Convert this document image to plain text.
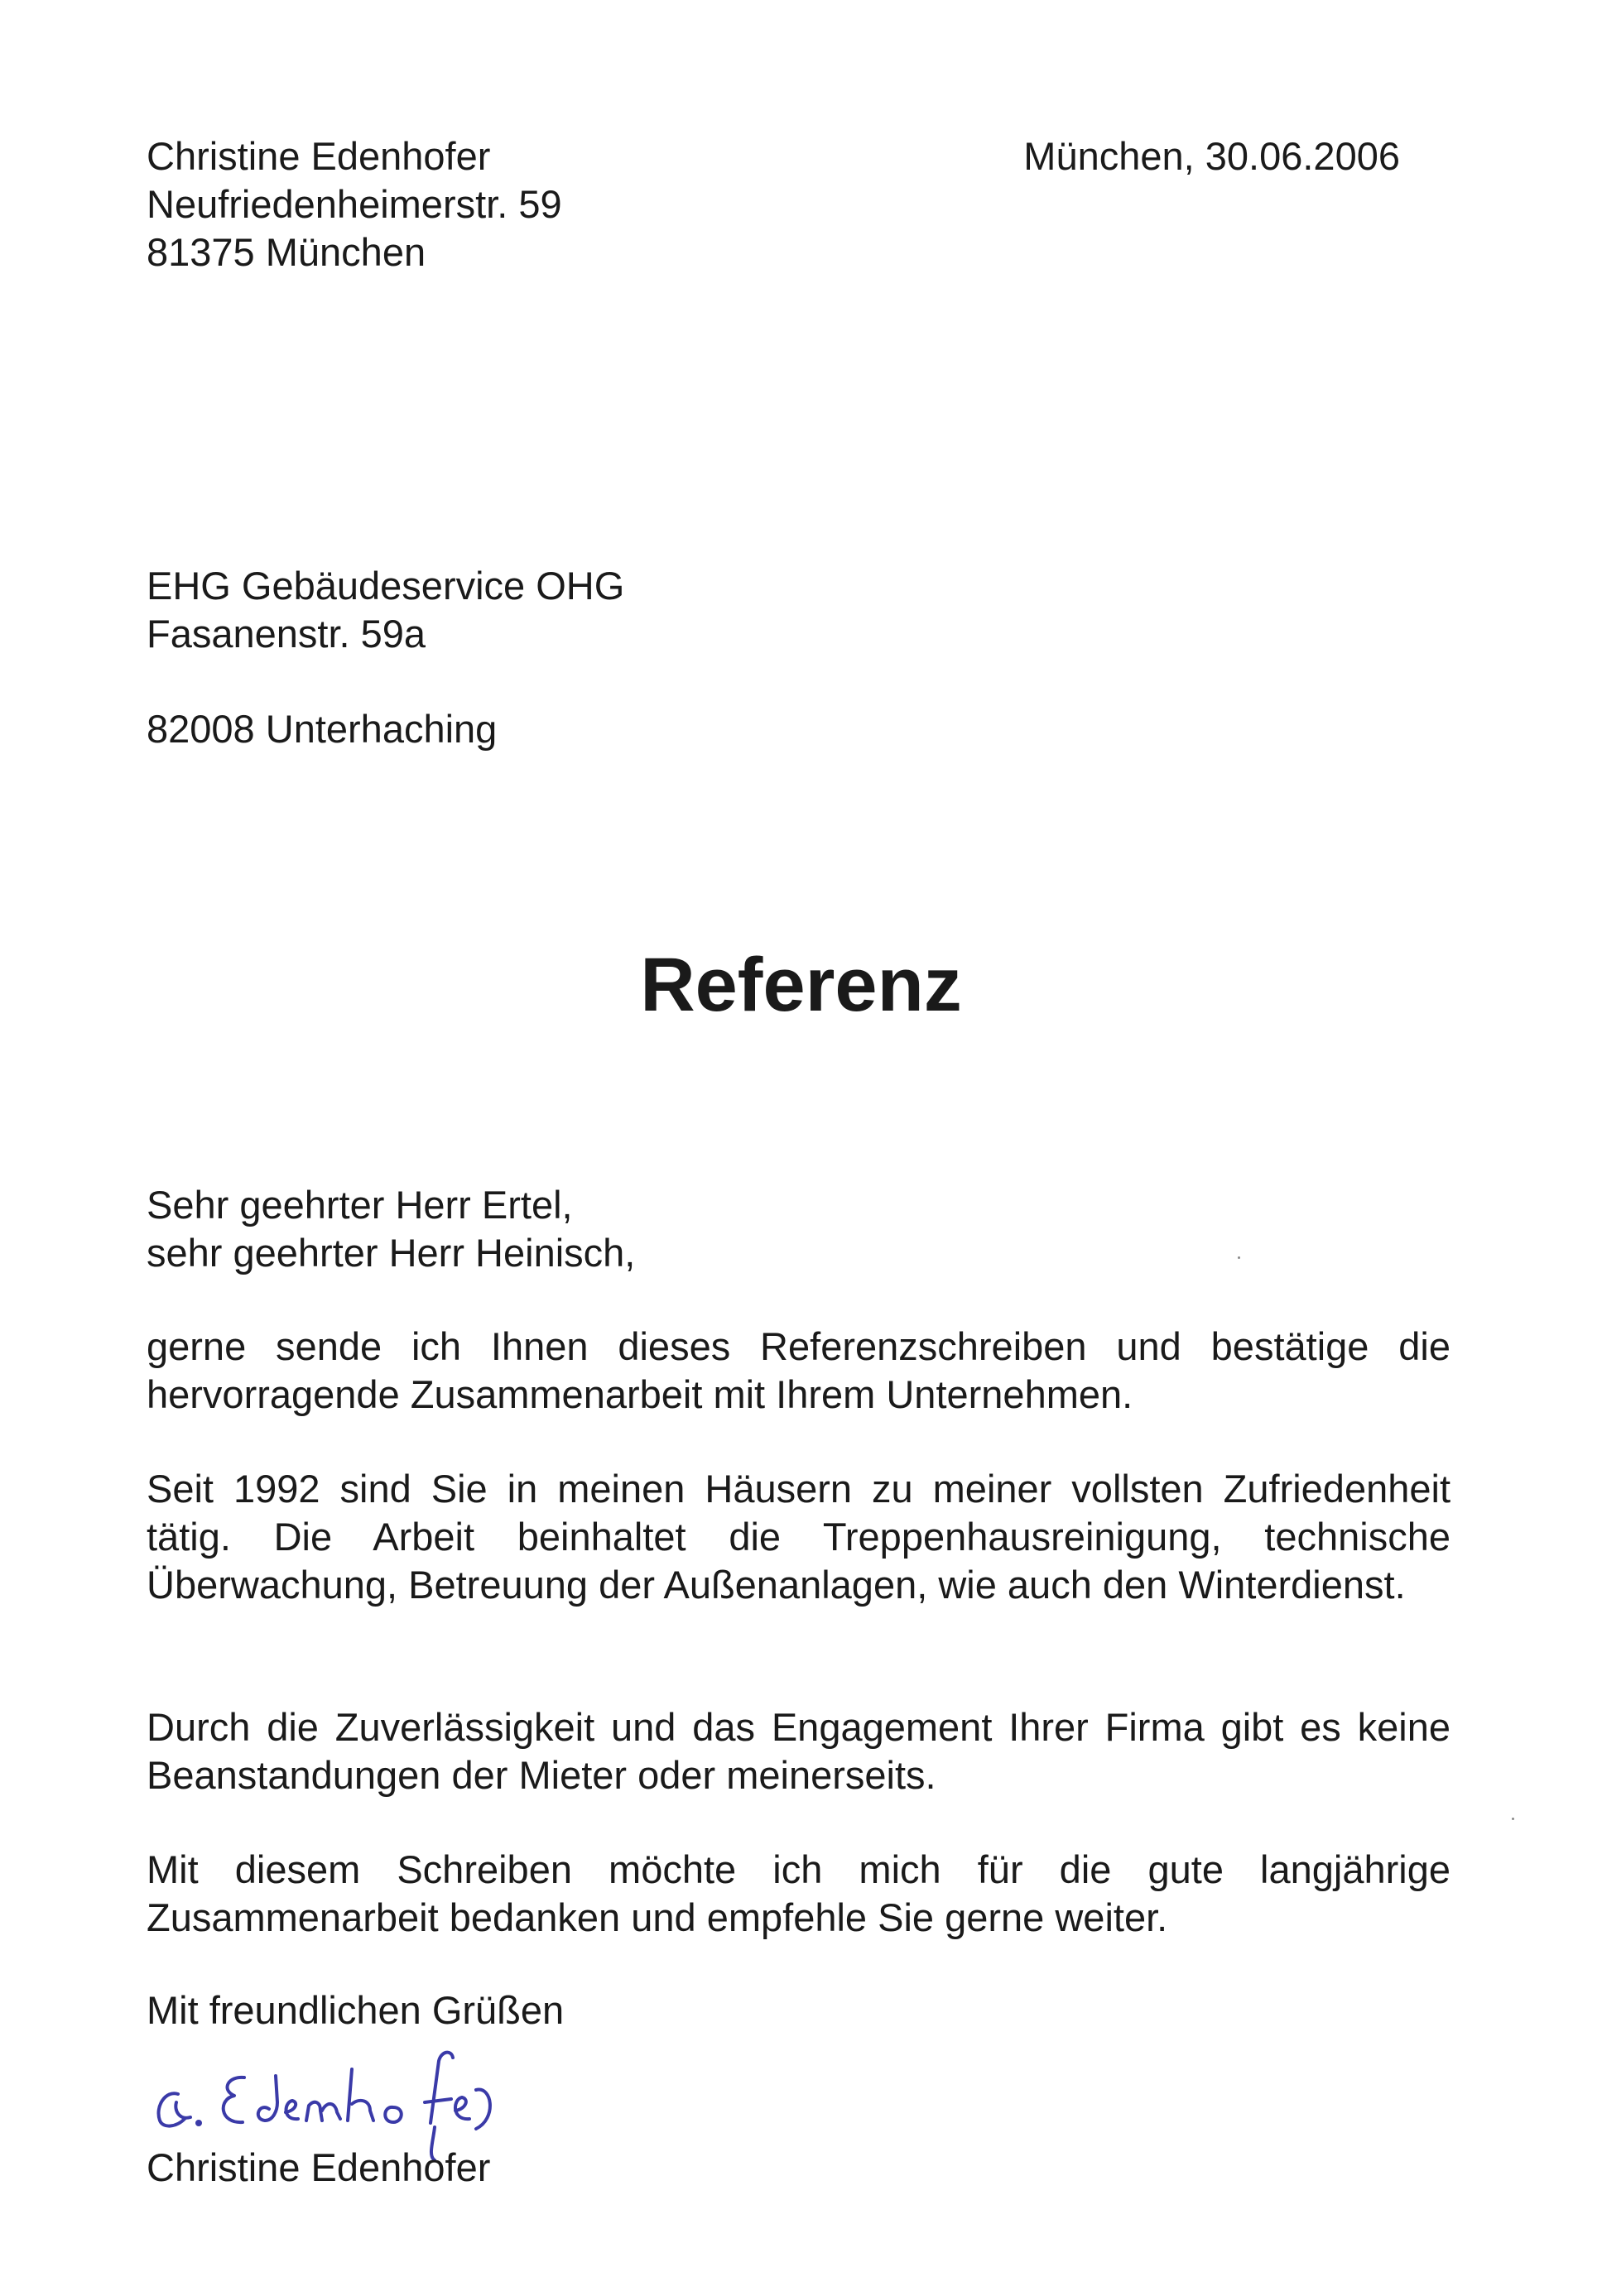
Christine Edenhofer
Neufriedenheimerstr. 59
81375 München
München, 30.06.2006
EHG Gebäudeservice OHG
Fasanenstr. 59a
82008 Unterhaching
Referenz
Sehr geehrter Herr Ertel,
sehr geehrter Herr Heinisch,
gerne sende ich Ihnen dieses Referenzschreiben und bestätige die hervorragende Zusammenarbeit mit Ihrem Unternehmen.
Seit 1992 sind Sie in meinen Häusern zu meiner vollsten Zufriedenheit tätig. Die Arbeit beinhaltet die Treppenhausreinigung, technische Überwachung, Betreuung der Außenanlagen, wie auch den Winterdienst.
Durch die Zuverlässigkeit und das Engagement Ihrer Firma gibt es keine Beanstandungen der Mieter oder meinerseits.
Mit diesem Schreiben möchte ich mich für die gute langjährige Zusammenarbeit bedanken und empfehle Sie gerne weiter.
Mit freundlichen Grüßen
Christine Edenhofer
